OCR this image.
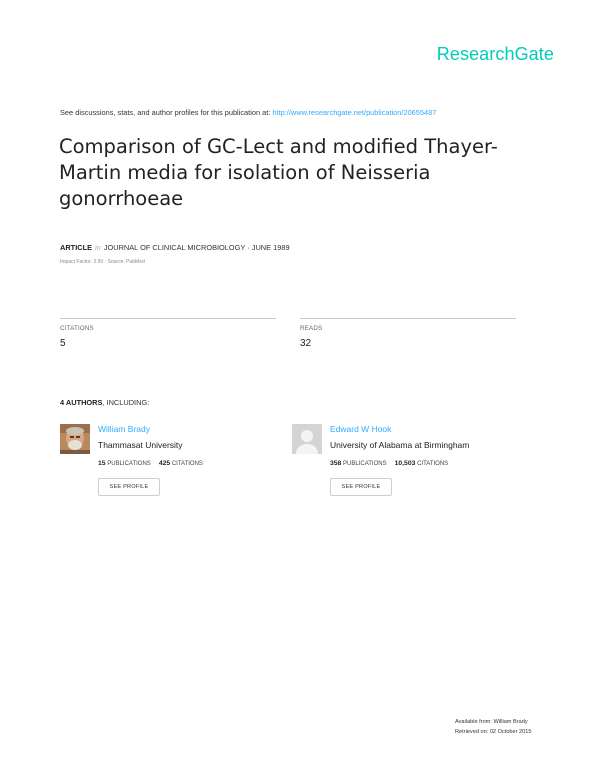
ResearchGate
See discussions, stats, and author profiles for this publication at: http://www.researchgate.net/publication/20655487
Comparison of GC-Lect and modified Thayer-Martin media for isolation of Neisseria gonorrhoeae
ARTICLE in JOURNAL OF CLINICAL MICROBIOLOGY · JUNE 1989
Impact Factor: 3.99 · Source: PubMed
CITATIONS
5
READS
32
4 AUTHORS, INCLUDING:
William Brady
Thammasat University
15 PUBLICATIONS 425 CITATIONS
SEE PROFILE
Edward W Hook
University of Alabama at Birmingham
358 PUBLICATIONS 10,503 CITATIONS
SEE PROFILE
Available from: William Brady
Retrieved on: 02 October 2015
